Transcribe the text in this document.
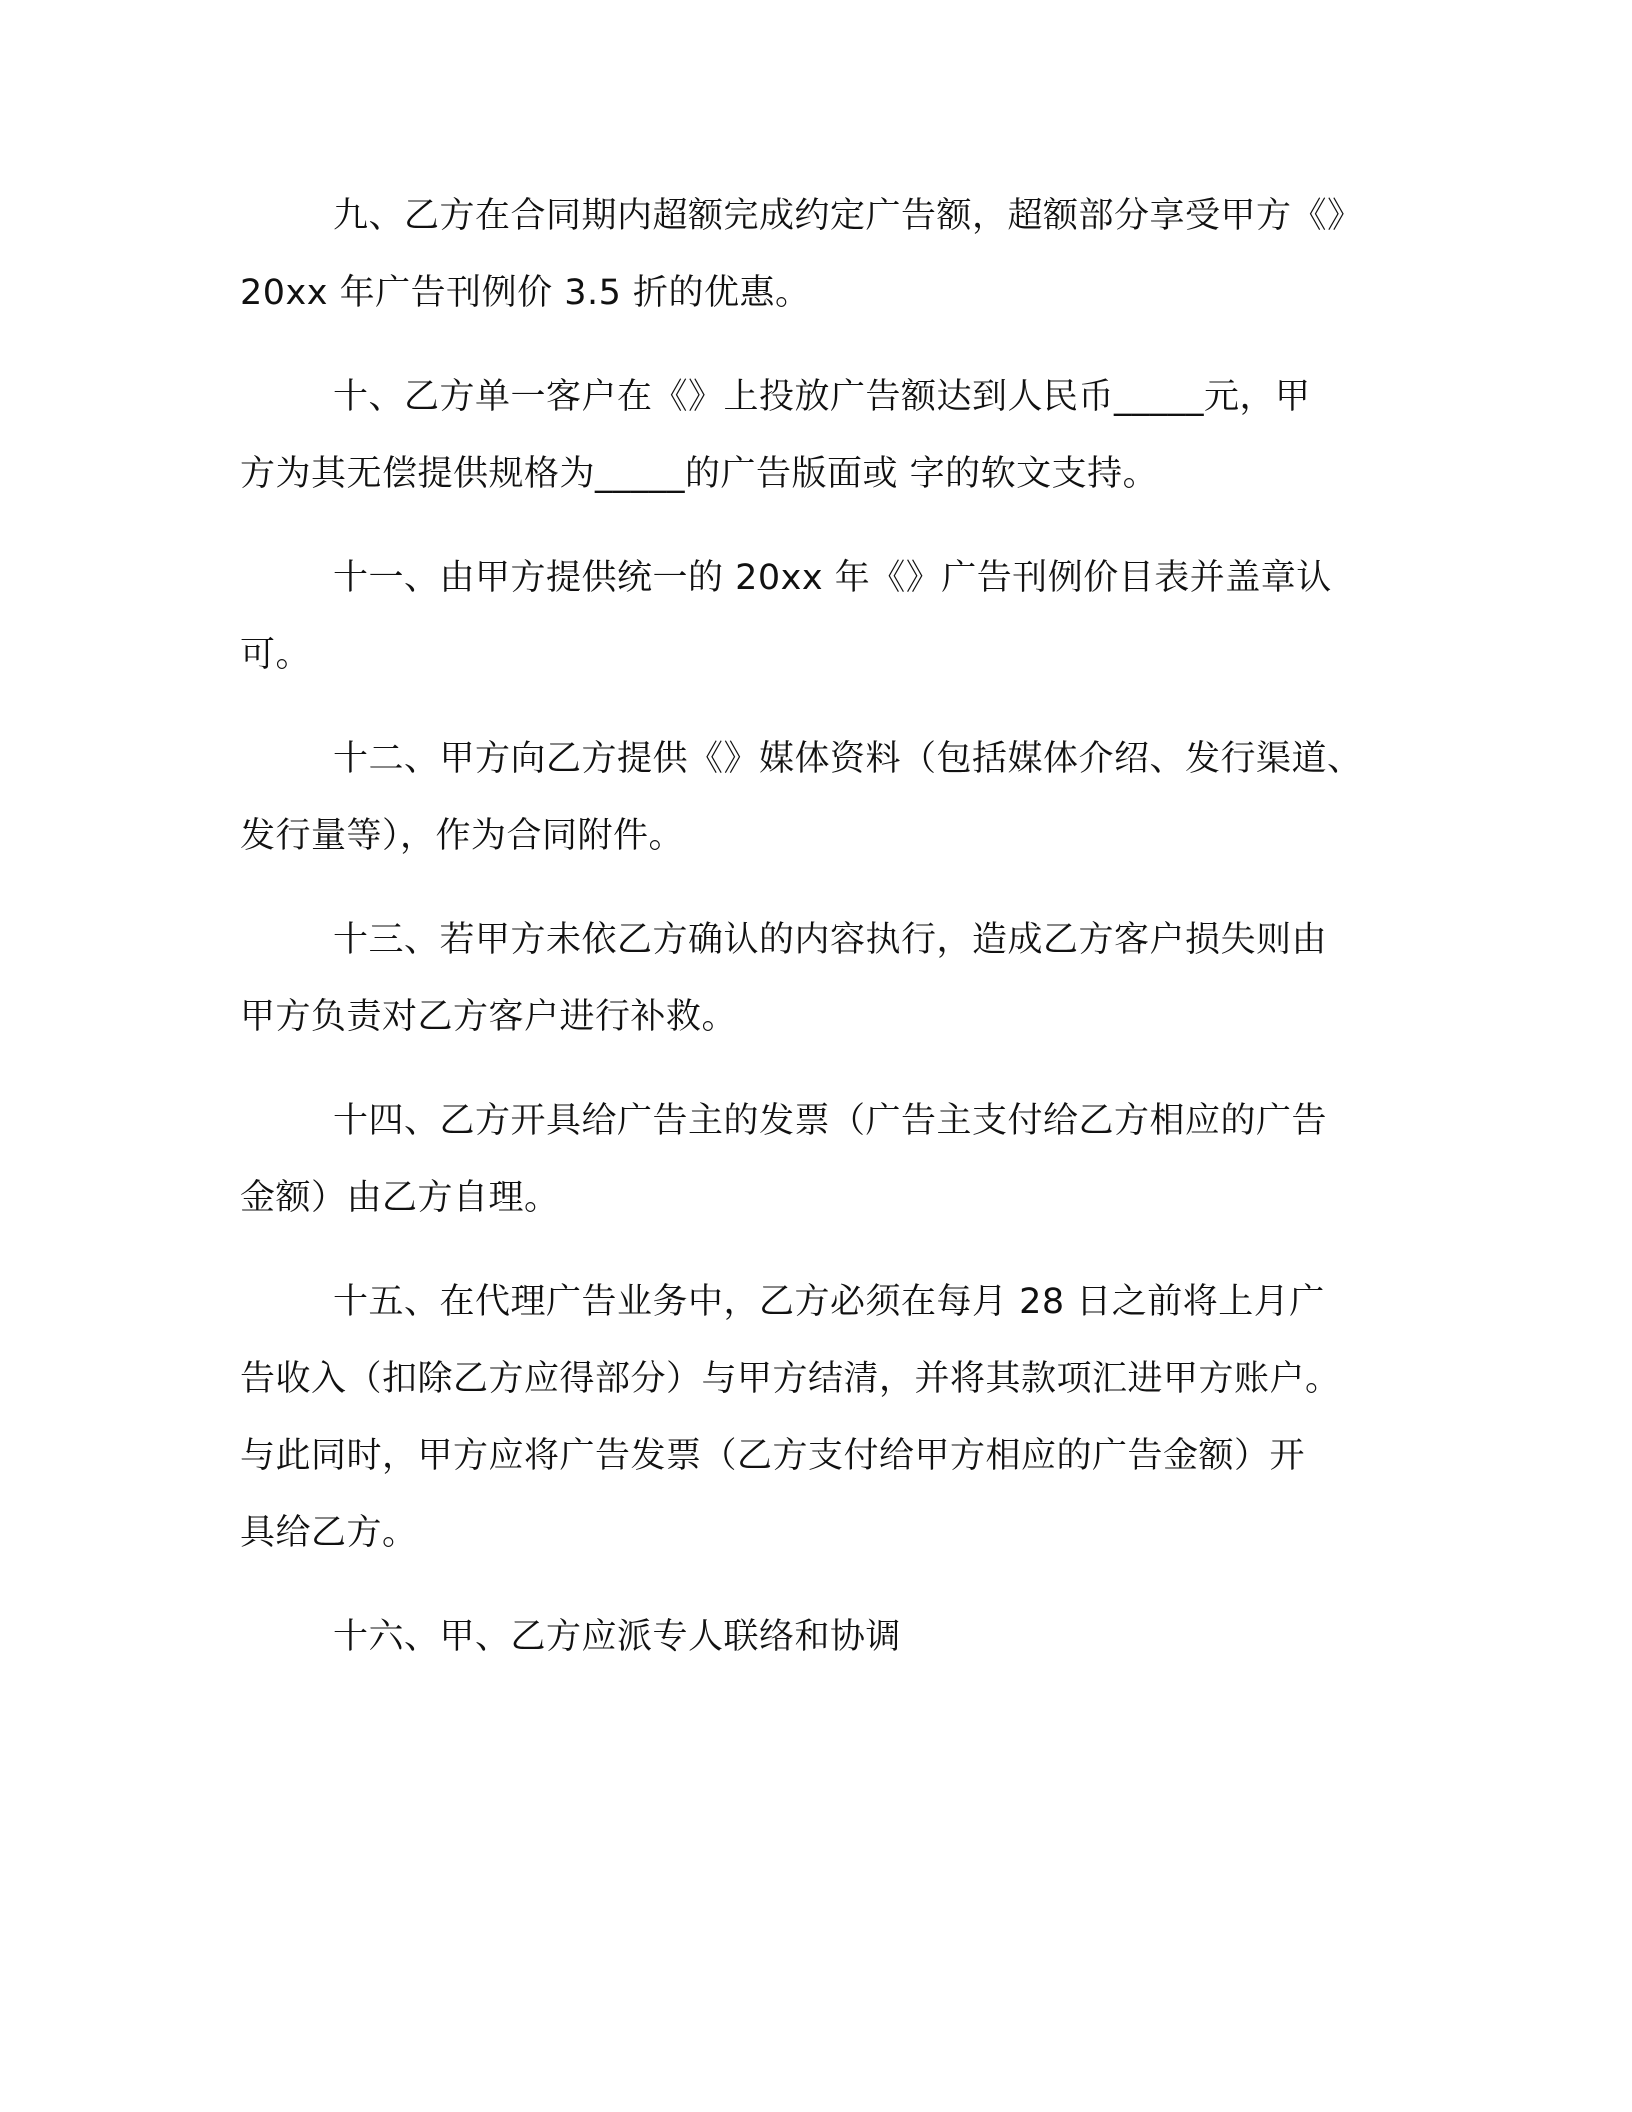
九、乙方在合同期内超额完成约定广告额，超额部分享受甲方《》
20xx 年广告刊例价 3.5 折的优惠。
十、乙方单一客户在《》上投放广告额达到人民币_____元，甲
方为其无偿提供规格为_____的广告版面或 字的软文支持。
十一、由甲方提供统一的 20xx 年《》广告刊例价目表并盖章认
可。
十二、甲方向乙方提供《》媒体资料（包括媒体介绍、发行渠道、
发行量等），作为合同附件。
十三、若甲方未依乙方确认的内容执行，造成乙方客户损失则由
甲方负责对乙方客户进行补救。
十四、乙方开具给广告主的发票（广告主支付给乙方相应的广告
金额）由乙方自理。
十五、在代理广告业务中，乙方必须在每月 28 日之前将上月广
告收入（扣除乙方应得部分）与甲方结清，并将其款项汇进甲方账户。
与此同时，甲方应将广告发票（乙方支付给甲方相应的广告金额）开
具给乙方。
十六、甲、乙方应派专人联络和协调
